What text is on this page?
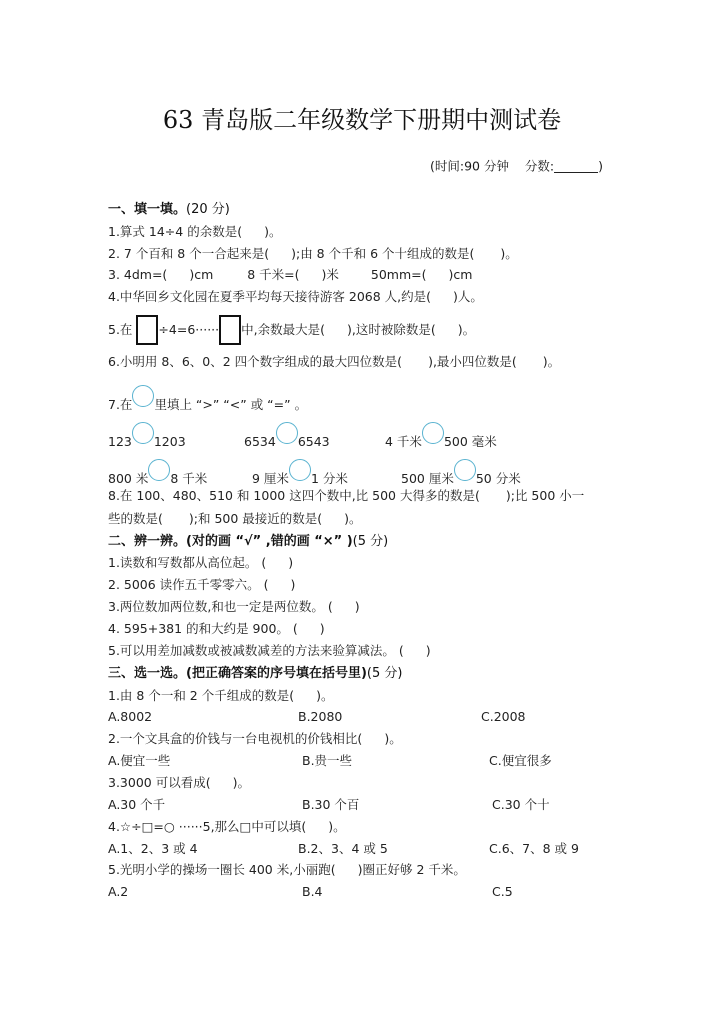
63 青岛版二年级数学下册期中测试卷
(时间:90 分钟 分数:	)
一、填一填。(20 分)
1.算式 14÷4 的余数是( )。
2. 7 个百和 8 个一合起来是( );由 8 个千和 6 个十组成的数是( )。
3. 4dm=( )cm	8 千米=( )米	50mm=( )cm
4.中华回乡文化园在夏季平均每天接待游客 2068 人,约是( )人。
5.在 ÷4=6······ 中,余数最大是( ),这时被除数是( )。
6.小明用 8、6、0、2 四个数字组成的最大四位数是( ),最小四位数是( )。
7.在 里填上 “>” “<” 或 “=” 。
123 1203	6534 6543	4 千米 500 毫米
800 米 8 千米	9 厘米 1 分米	500 厘米 50 分米
8.在 100、480、510 和 1000 这四个数中,比 500 大得多的数是( );比 500 小一
些的数是( );和 500 最接近的数是( )。
二、辨一辨。(对的画 “√” ,错的画 “×” )(5 分)
1.读数和写数都从高位起。 ( )
2. 5006 读作五千零零六。 ( )
3.两位数加两位数,和也一定是两位数。 ( )
4. 595+381 的和大约是 900。 ( )
5.可以用差加减数或被减数减差的方法来验算减法。 ( )
三、选一选。(把正确答案的序号填在括号里)(5 分)
1.由 8 个一和 2 个千组成的数是( )。
A.8002	B.2080	C.2008
2.一个文具盒的价钱与一台电视机的价钱相比( )。
A.便宜一些	B.贵一些	C.便宜很多
3.3000 可以看成( )。
A.30 个千	B.30 个百	C.30 个十
4.☆÷□=○ ······5,那么□中可以填( )。
A.1、2、3 或 4	B.2、3、4 或 5	C.6、7、8 或 9
5.光明小学的操场一圈长 400 米,小丽跑( )圈正好够 2 千米。
A.2	B.4	C.5
